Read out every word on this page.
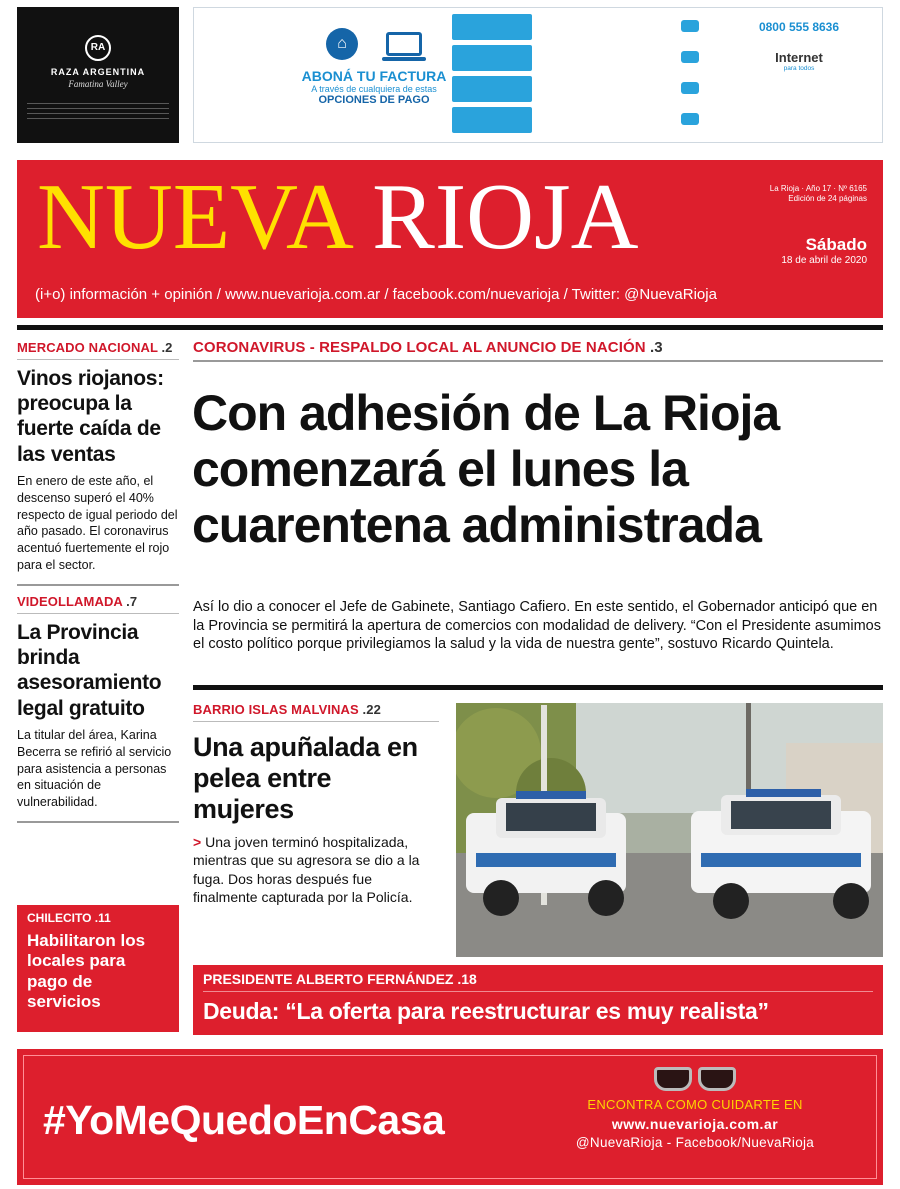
RA
RAZA ARGENTINA
Famatina Valley
⌂
ABONÁ TU FACTURA
A través de cualquiera de estas
OPCIONES DE PAGO
0800 555 8636
Internet
para todos
NUEVA RIOJA	La Rioja · Año 17 · Nº 6165
Edición de 24 páginas
Sábado
18 de abril de 2020
(i+o) información + opinión / www.nuevarioja.com.ar / facebook.com/nuevarioja / Twitter: @NuevaRioja
MERCADO NACIONAL .2
Vinos riojanos: preocupa la fuerte caída de las ventas
En enero de este año, el descenso superó el 40% respecto de igual periodo del año pasado. El coronavirus acentuó fuertemente el rojo para el sector.
VIDEOLLAMADA .7
La Provincia brinda asesoramiento legal gratuito
La titular del área, Karina Becerra se refirió al servicio para asistencia a personas en situación de vulnerabilidad.
CHILECITO .11
Habilitaron los locales para pago de servicios
CORONAVIRUS - RESPALDO LOCAL AL ANUNCIO DE NACIÓN .3
Con adhesión de La Rioja comenzará el lunes la cuarentena administrada
Así lo dio a conocer el Jefe de Gabinete, Santiago Cafiero. En este sentido, el Gobernador anticipó que en la Provincia se permitirá la apertura de comercios con modalidad de delivery. “Con el Presidente asumimos el costo político porque privilegiamos la salud y la vida de nuestra gente”, sostuvo Ricardo Quintela.
BARRIO ISLAS MALVINAS .22
Una apuñalada en pelea entre mujeres
> Una joven terminó hospitalizada, mientras que su agresora se dio a la fuga. Dos horas después fue finalmente capturada por la Policía.
PRESIDENTE ALBERTO FERNÁNDEZ .18
Deuda: “La oferta para reestructurar es muy realista”
#YoMeQuedoEnCasa	ENCONTRA COMO CUIDARTE EN
www.nuevarioja.com.ar
@NuevaRioja - Facebook/NuevaRioja
